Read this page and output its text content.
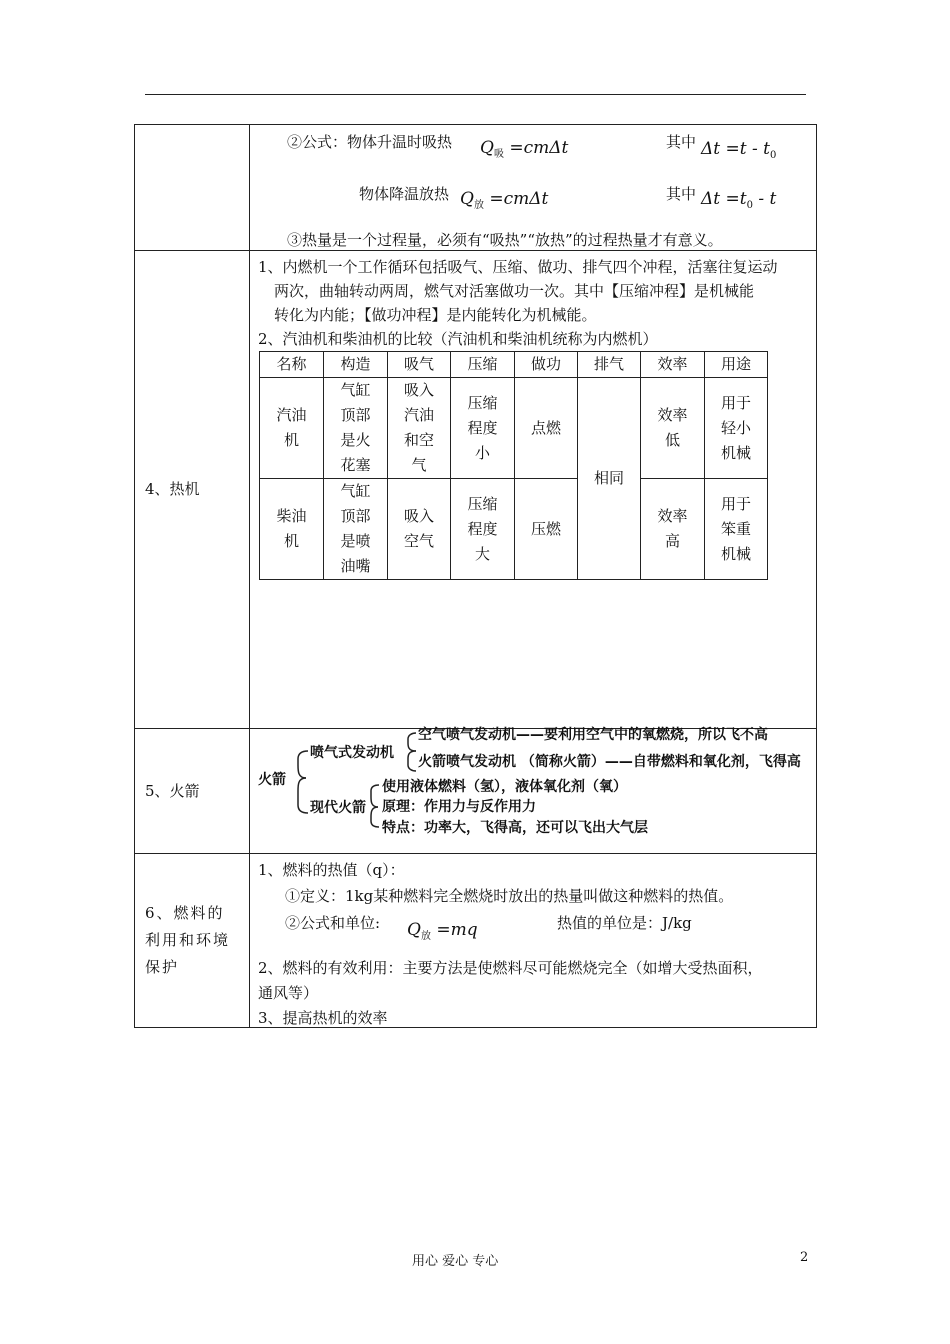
②公式：物体升温时吸热 $Q_吸 =cm\Delta t$	其中 $\Delta t =t - t_0$
物体降温放热 $Q_放 =cm\Delta t$	其中 $\Delta t =t_0 - t$
③热量是一个过程量，必须有“吸热”“放热”的过程热量才有意义。

4、热机	
1、内燃机一个工作循环包括吸气、压缩、做功、排气四个冲程，活塞往复运动
两次，曲轴转动两周，燃气对活塞做功一次。其中【压缩冲程】是机械能
转化为内能；【做功冲程】是内能转化为机械能。
2、汽油机和柴油机的比较（汽油机和柴油机统称为内燃机）
名称	构造	吸气	压缩	做功	排气	效率	用途
汽油机	气缸顶部是火花塞	吸入汽油和空气	压缩程度小	点燃	相同	效率低	用于轻小机械
柴油机	气缸顶部是喷油嘴	吸入空气	压缩程度大	压燃	效率高	用于笨重机械

5、火箭	
火箭
喷气式发动机
空气喷气发动机——要利用空气中的氧燃烧，所以飞不高
火箭喷气发动机 （简称火箭）——自带燃料和氧化剂，飞得高
现代火箭
使用液体燃料（氢），液体氧化剂（氧）
原理：作用力与反作用力
特点：功率大，飞得高，还可以飞出大气层

6、燃料的利用和环境保护	
1、燃料的热值（q）：
①定义：1kg某种燃料完全燃烧时放出的热量叫做这种燃料的热值。
②公式和单位: $Q_放 =mq$	热值的单位是：J/kg
2、燃料的有效利用：主要方法是使燃料尽可能燃烧完全（如增大受热面积，
通风等）
3、提高热机的效率
用心 爱心 专心	2
